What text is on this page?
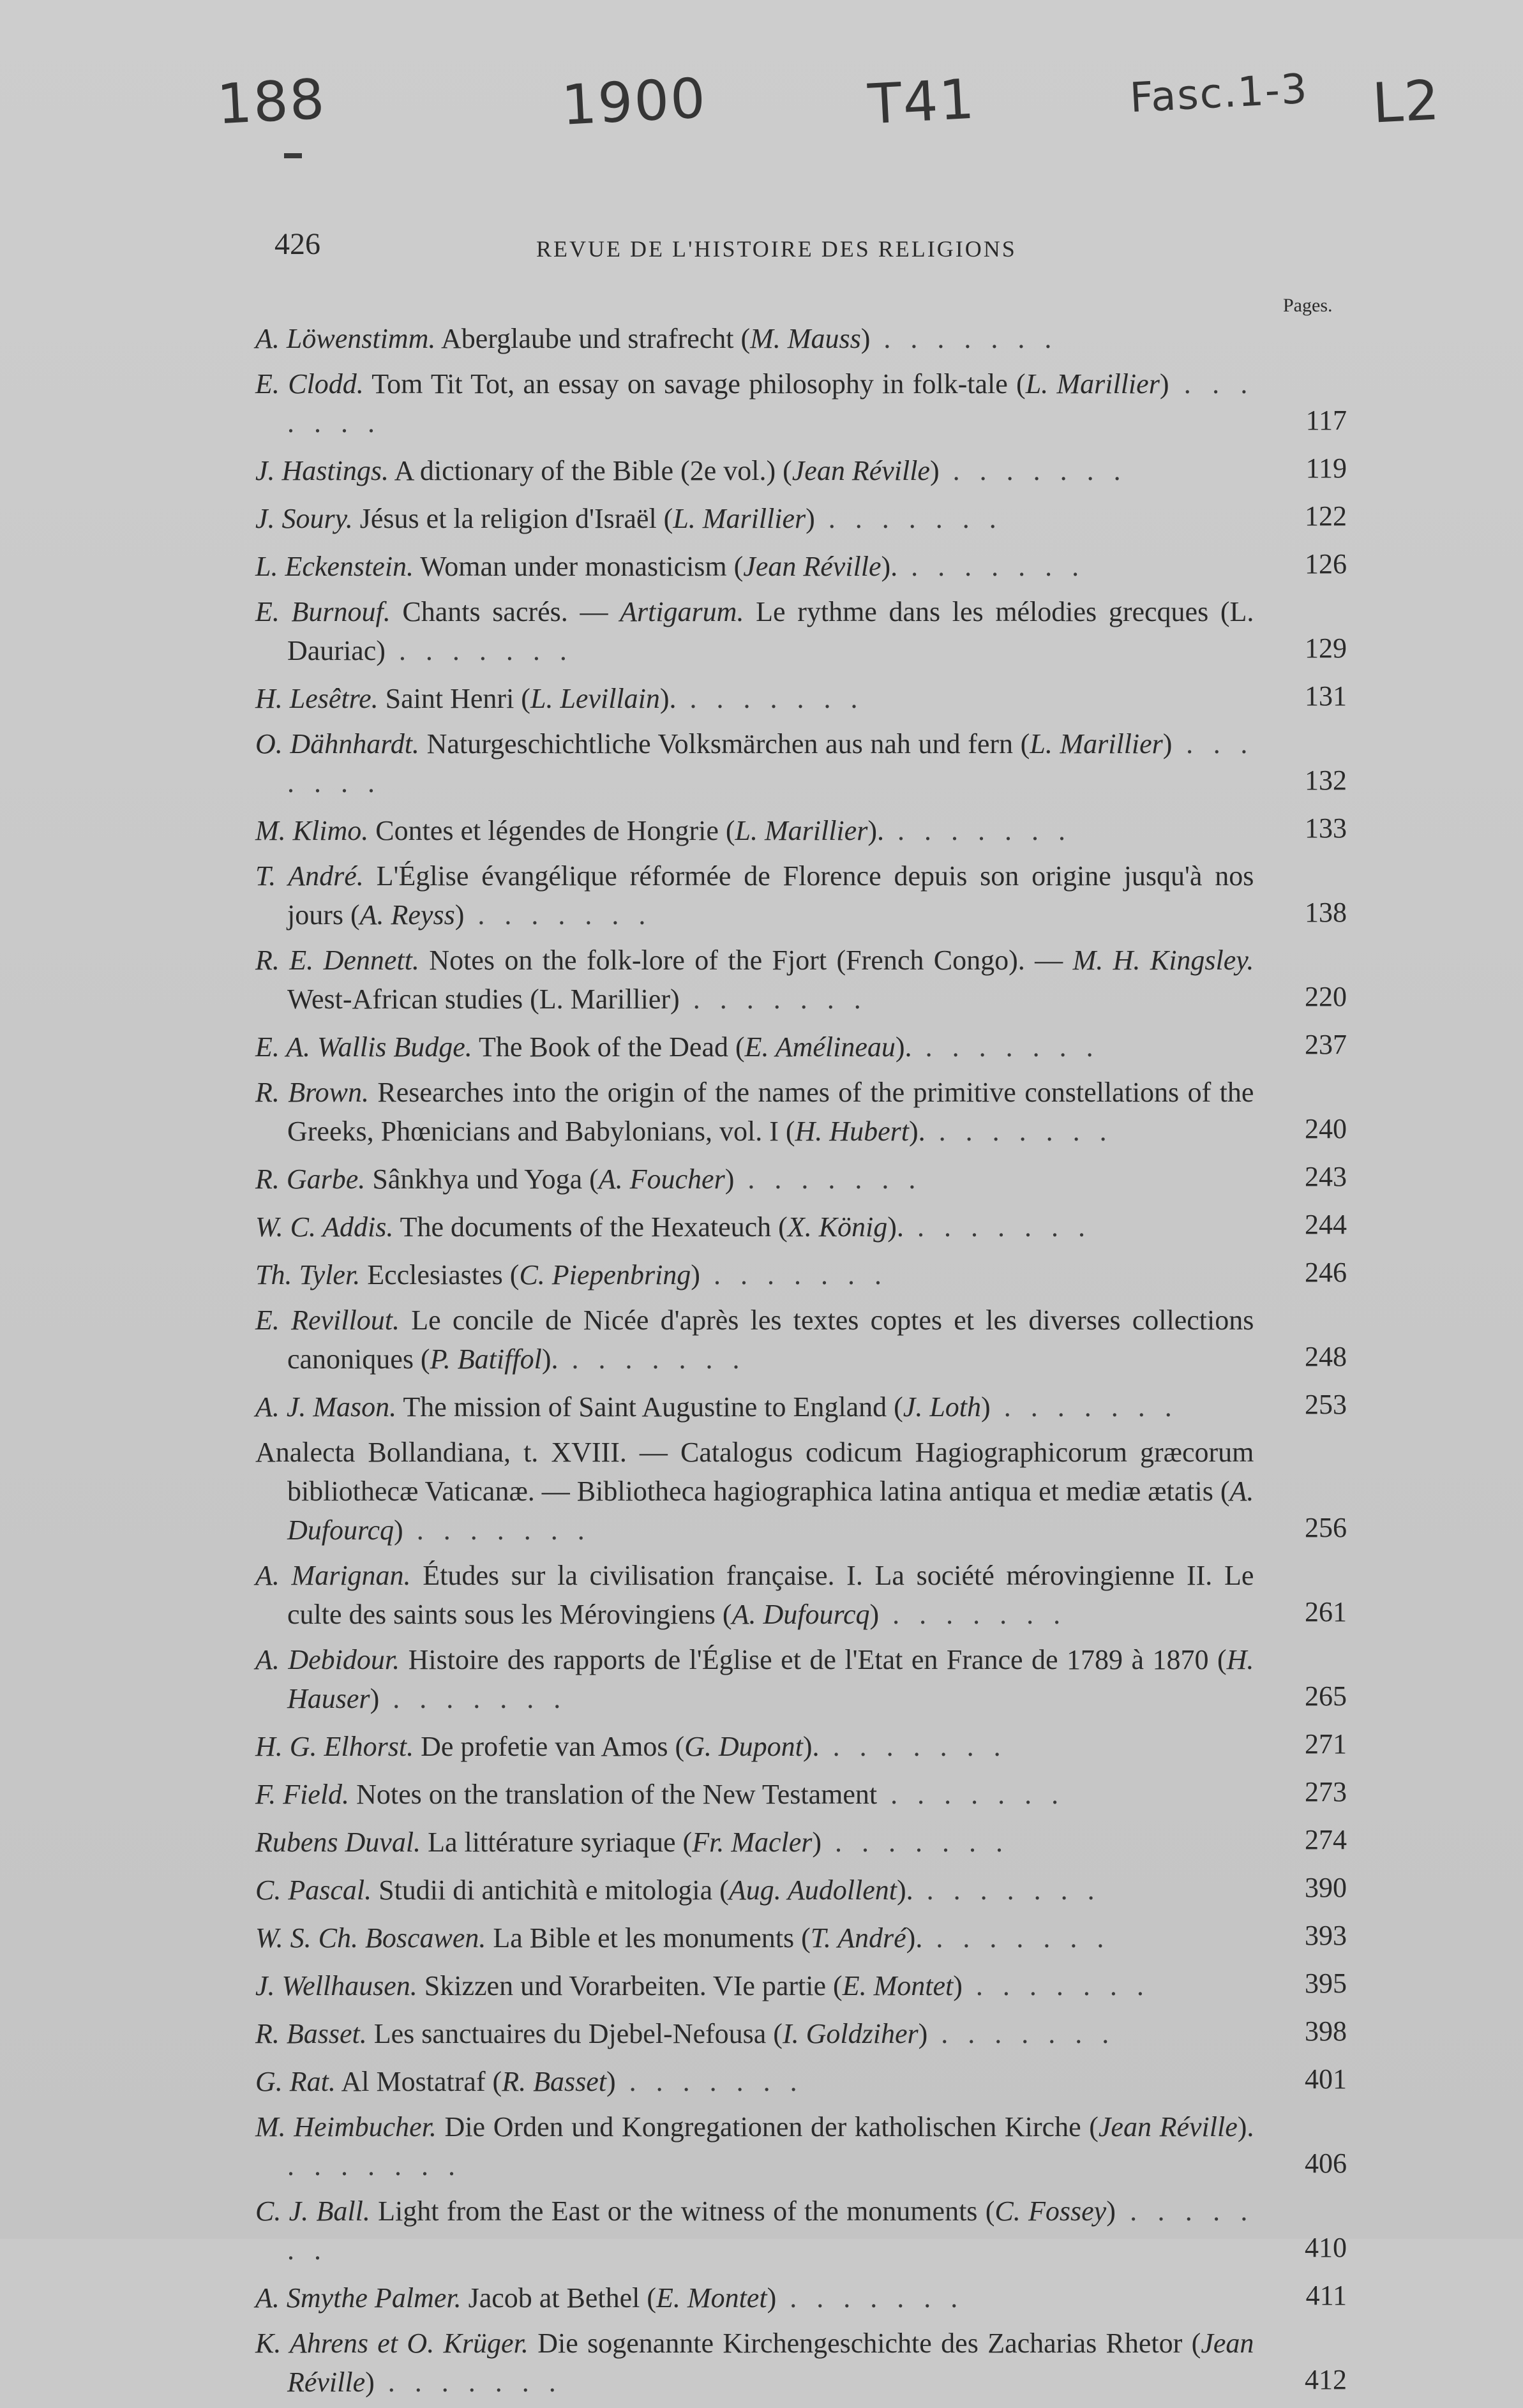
188	1900	T41	Fasc.1-3 L2
426	REVUE DE L'HISTOIRE DES RELIGIONS
Pages.
A. Löwenstimm. Aberglaube und strafrecht (M. Mauss) . . . . . . .
E. Clodd. Tom Tit Tot, an essay on savage philosophy in folk-tale (L. Marillier) . . . . . . .	117
J. Hastings. A dictionary of the Bible (2e vol.) (Jean Réville) . . . . . . .	119
J. Soury. Jésus et la religion d'Israël (L. Marillier) . . . . . . .	122
L. Eckenstein. Woman under monasticism (Jean Réville). . . . . . . .	126
E. Burnouf. Chants sacrés. — Artigarum. Le rythme dans les mélodies grecques (L. Dauriac) . . . . . . .	129
H. Lesêtre. Saint Henri (L. Levillain). . . . . . . .	131
O. Dähnhardt. Naturgeschichtliche Volksmärchen aus nah und fern (L. Marillier) . . . . . . .	132
M. Klimo. Contes et légendes de Hongrie (L. Marillier). . . . . . . .	133
T. André. L'Église évangélique réformée de Florence depuis son origine jusqu'à nos jours (A. Reyss) . . . . . . .	138
R. E. Dennett. Notes on the folk-lore of the Fjort (French Congo). — M. H. Kingsley. West-African studies (L. Marillier) . . . . . . .	220
E. A. Wallis Budge. The Book of the Dead (E. Amélineau). . . . . . . .	237
R. Brown. Researches into the origin of the names of the primitive constellations of the Greeks, Phœnicians and Babylonians, vol. I (H. Hubert). . . . . . . .	240
R. Garbe. Sânkhya und Yoga (A. Foucher) . . . . . . .	243
W. C. Addis. The documents of the Hexateuch (X. König). . . . . . . .	244
Th. Tyler. Ecclesiastes (C. Piepenbring) . . . . . . .	246
E. Revillout. Le concile de Nicée d'après les textes coptes et les diverses collections canoniques (P. Batiffol). . . . . . . .	248
A. J. Mason. The mission of Saint Augustine to England (J. Loth) . . . . . . .	253
Analecta Bollandiana, t. XVIII. — Catalogus codicum Hagiographicorum græcorum bibliothecæ Vaticanæ. — Bibliotheca hagiographica latina antiqua et mediæ ætatis (A. Dufourcq) . . . . . . .	256
A. Marignan. Études sur la civilisation française. I. La société mérovingienne II. Le culte des saints sous les Mérovingiens (A. Dufourcq) . . . . . . .	261
A. Debidour. Histoire des rapports de l'Église et de l'Etat en France de 1789 à 1870 (H. Hauser) . . . . . . .	265
H. G. Elhorst. De profetie van Amos (G. Dupont). . . . . . . .	271
F. Field. Notes on the translation of the New Testament . . . . . . .	273
Rubens Duval. La littérature syriaque (Fr. Macler) . . . . . . .	274
C. Pascal. Studii di antichità e mitologia (Aug. Audollent). . . . . . . .	390
W. S. Ch. Boscawen. La Bible et les monuments (T. André). . . . . . . .	393
J. Wellhausen. Skizzen und Vorarbeiten. VIe partie (E. Montet) . . . . . . .	395
R. Basset. Les sanctuaires du Djebel-Nefousa (I. Goldziher) . . . . . . .	398
G. Rat. Al Mostatraf (R. Basset) . . . . . . .	401
M. Heimbucher. Die Orden und Kongregationen der katholischen Kirche (Jean Réville). . . . . . . .	406
C. J. Ball. Light from the East or the witness of the monuments (C. Fossey) . . . . . . .	410
A. Smythe Palmer. Jacob at Bethel (E. Montet) . . . . . . .	411
K. Ahrens et O. Krüger. Die sogenannte Kirchengeschichte des Zacharias Rhetor (Jean Réville) . . . . . . .	412
